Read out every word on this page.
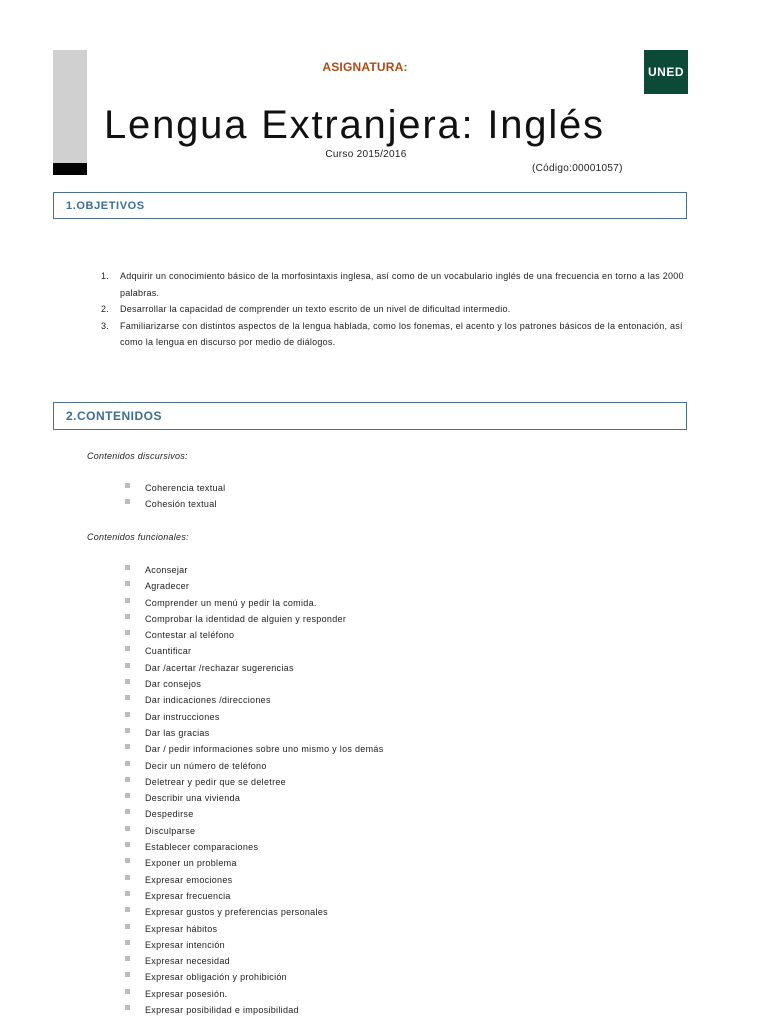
ASIGNATURA:	UNED
Lengua Extranjera: Inglés
Curso 2015/2016
(Código:00001057)
1.OBJETIVOS
1. Adquirir un conocimiento básico de la morfosintaxis inglesa, así como de un vocabulario inglés de una frecuencia en torno a las 2000 palabras.
2. Desarrollar la capacidad de comprender un texto escrito de un nivel de dificultad intermedio.
3. Familiarizarse con distintos aspectos de la lengua hablada, como los fonemas, el acento y los patrones básicos de la entonación, así como la lengua en discurso por medio de diálogos.
2.CONTENIDOS
Contenidos discursivos:
Coherencia textual
Cohesión textual
Contenidos funcionales:
Aconsejar
Agradecer
Comprender un menú y pedir la comida.
Comprobar la identidad de alguien y responder
Contestar al teléfono
Cuantificar
Dar /acertar /rechazar sugerencias
Dar consejos
Dar indicaciones /direcciones
Dar instrucciones
Dar las gracias
Dar / pedir informaciones sobre uno mismo y los demás
Decir un número de teléfono
Deletrear y pedir que se deletree
Describir una vivienda
Despedirse
Disculparse
Establecer comparaciones
Exponer un problema
Expresar emociones
Expresar frecuencia
Expresar gustos y preferencias personales
Expresar hábitos
Expresar intención
Expresar necesidad
Expresar obligación y prohibición
Expresar posesión.
Expresar posibilidad e imposibilidad
